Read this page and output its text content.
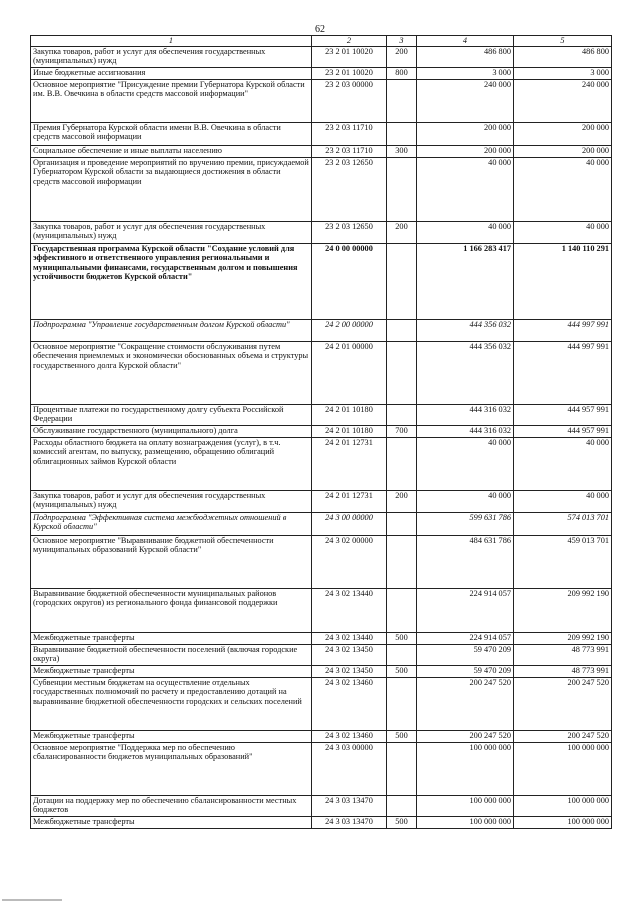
62
1	2	3	4	5
Закупка товаров, работ и услуг для обеспечения государственных (муниципальных) нужд	23 2 01 10020	200	486 800	486 800
Иные бюджетные ассигнования	23 2 01 10020	800	3 000	3 000
Основное мероприятие "Присуждение премии Губернатора Курской области им. В.В. Овечкина в области средств массовой информации"	23 2 03 00000		240 000	240 000
Премия Губернатора Курской области имени В.В. Овечкина в области средств массовой информации	23 2 03 11710		200 000	200 000
Социальное обеспечение и иные выплаты населению	23 2 03 11710	300	200 000	200 000
Организация и проведение мероприятий по вручению премии, присуждаемой Губернатором Курской области за выдающиеся достижения в области средств массовой информации	23 2 03 12650		40 000	40 000
Закупка товаров, работ и услуг для обеспечения государственных (муниципальных) нужд	23 2 03 12650	200	40 000	40 000
Государственная программа Курской области "Создание условий для эффективного и ответственного управления региональными и муниципальными финансами, государственным долгом и повышения устойчивости бюджетов Курской области"	24 0 00 00000		1 166 283 417	1 140 110 291
Подпрограмма "Управление государственным долгом Курской области"	24 2 00 00000		444 356 032	444 997 991
Основное мероприятие "Сокращение стоимости обслуживания путем обеспечения приемлемых и экономически обоснованных объема и структуры государственного долга Курской области"	24 2 01 00000		444 356 032	444 997 991
Процентные платежи по государственному долгу субъекта Российской Федерации	24 2 01 10180		444 316 032	444 957 991
Обслуживание государственного (муниципального) долга	24 2 01 10180	700	444 316 032	444 957 991
Расходы областного бюджета на оплату вознаграждения (услуг), в т.ч. комиссий агентам, по выпуску, размещению, обращению облигаций облигационных займов Курской области	24 2 01 12731		40 000	40 000
Закупка товаров, работ и услуг для обеспечения государственных (муниципальных) нужд	24 2 01 12731	200	40 000	40 000
Подпрограмма "Эффективная система межбюджетных отношений в Курской области"	24 3 00 00000		599 631 786	574 013 701
Основное мероприятие "Выравнивание бюджетной обеспеченности муниципальных образований Курской области"	24 3 02 00000		484 631 786	459 013 701
Выравнивание бюджетной обеспеченности муниципальных районов (городских округов) из регионального фонда финансовой поддержки	24 3 02 13440		224 914 057	209 992 190
Межбюджетные трансферты	24 3 02 13440	500	224 914 057	209 992 190
Выравнивание бюджетной обеспеченности поселений (включая городские округа)	24 3 02 13450		59 470 209	48 773 991
Межбюджетные трансферты	24 3 02 13450	500	59 470 209	48 773 991
Субвенции местным бюджетам на осуществление отдельных государственных полномочий по расчету и предоставлению дотаций на выравнивание бюджетной обеспеченности городских и сельских поселений	24 3 02 13460		200 247 520	200 247 520
Межбюджетные трансферты	24 3 02 13460	500	200 247 520	200 247 520
Основное мероприятие "Поддержка мер по обеспечению сбалансированности бюджетов муниципальных образований"	24 3 03 00000		100 000 000	100 000 000
Дотации на поддержку мер по обеспечению сбалансированности местных бюджетов	24 3 03 13470		100 000 000	100 000 000
Межбюджетные трансферты	24 3 03 13470	500	100 000 000	100 000 000
